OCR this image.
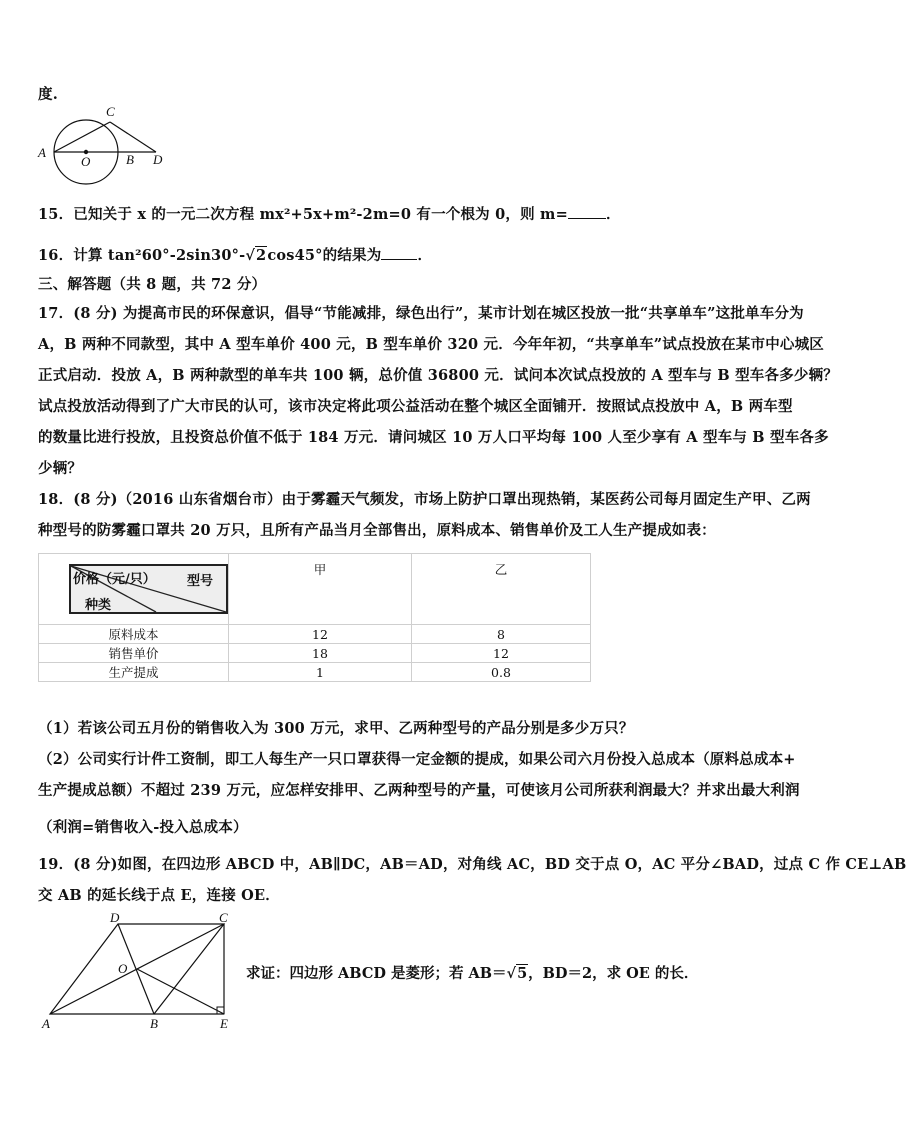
度.
C
A
O	B D
15．已知关于 x 的一元二次方程 mx²+5x+m²-2m=0 有一个根为 0，则 m=	．
16．计算 tan²60°-2sin30°-√2cos45°的结果为 ．
三、解答题（共 8 题，共 72 分）
17．(8 分) 为提高市民的环保意识，倡导“节能减排，绿色出行”，某市计划在城区投放一批“共享单车”这批单车分为
A，B 两种不同款型，其中 A 型车单价 400 元，B 型车单价 320 元．今年年初，“共享单车”试点投放在某市中心城区
正式启动．投放 A，B 两种款型的单车共 100 辆，总价值 36800 元．试问本次试点投放的 A 型车与 B 型车各多少辆？
试点投放活动得到了广大市民的认可，该市决定将此项公益活动在整个城区全面铺开．按照试点投放中 A，B 两车型
的数量比进行投放，且投资总价值不低于 184 万元．请问城区 10 万人口平均每 100 人至少享有 A 型车与 B 型车各多
少辆？
18．(8 分)（2016 山东省烟台市）由于雾霾天气频发，市场上防护口罩出现热销，某医药公司每月固定生产甲、乙两
种型号的防雾霾口罩共 20 万只，且所有产品当月全部售出，原料成本、销售单价及工人生产提成如表：
价格（元/只） 型号
种类	甲	乙
原料成本	12	8
销售单价	18	12
生产提成	1	0.8
（1）若该公司五月份的销售收入为 300 万元，求甲、乙两种型号的产品分别是多少万只？
（2）公司实行计件工资制，即工人每生产一只口罩获得一定金额的提成，如果公司六月份投入总成本（原料总成本+
生产提成总额）不超过 239 万元，应怎样安排甲、乙两种型号的产量，可使该月公司所获利润最大？并求出最大利润
（利润=销售收入-投入总成本）
19．(8 分)如图，在四边形 ABCD 中，AB∥DC，AB＝AD，对角线 AC，BD 交于点 O，AC 平分∠BAD，过点 C 作 CE⊥AB
交 AB 的延长线于点 E，连接 OE．
D	C
O
A	B	E
求证：四边形 ABCD 是菱形；若 AB＝√5，BD＝2，求 OE 的长．
